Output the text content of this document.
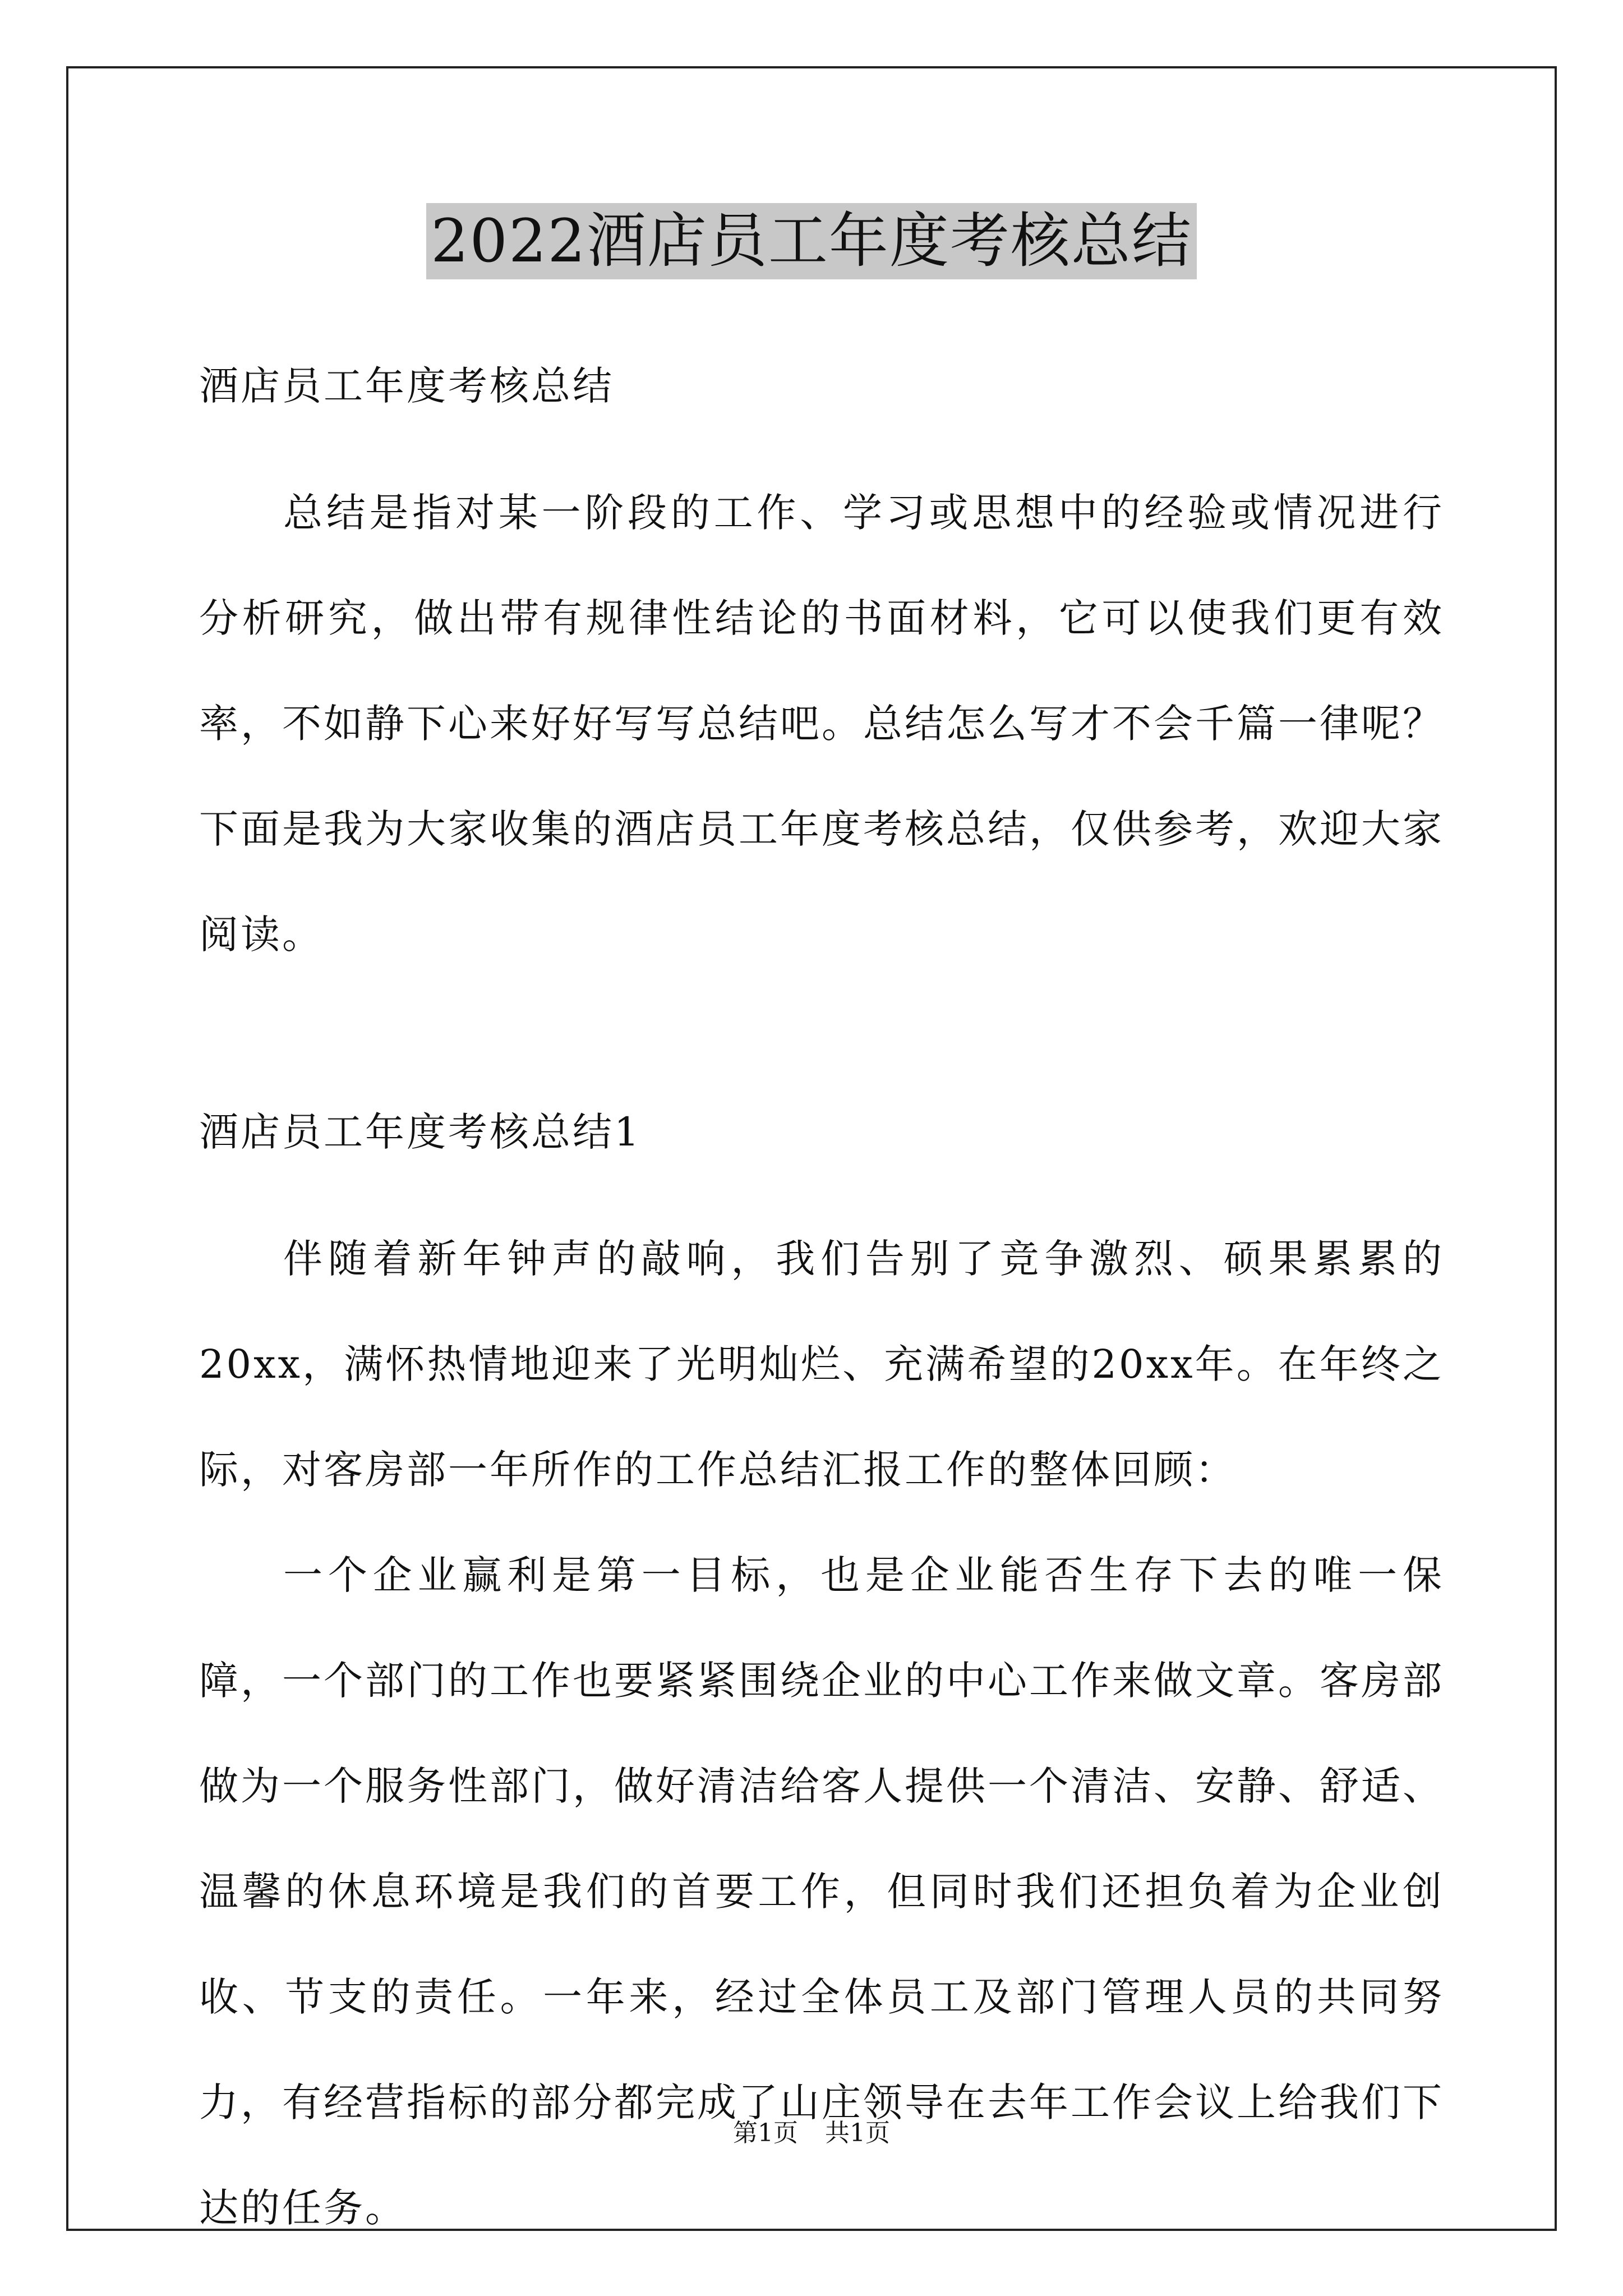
2022酒店员工年度考核总结

酒店员工年度考核总结

总结是指对某一阶段的工作、学习或思想中的经验或情况进行分析研究，做出带有规律性结论的书面材料，它可以使我们更有效率，不如静下心来好好写写总结吧。总结怎么写才不会千篇一律呢？下面是我为大家收集的酒店员工年度考核总结，仅供参考，欢迎大家阅读。

酒店员工年度考核总结1

伴随着新年钟声的敲响，我们告别了竞争激烈、硕果累累的20xx，满怀热情地迎来了光明灿烂、充满希望的20xx年。在年终之际，对客房部一年所作的工作总结汇报工作的整体回顾：

一个企业赢利是第一目标，也是企业能否生存下去的唯一保障，一个部门的工作也要紧紧围绕企业的中心工作来做文章。客房部做为一个服务性部门，做好清洁给客人提供一个清洁、安静、舒适、温馨的休息环境是我们的首要工作，但同时我们还担负着为企业创收、节支的责任。一年来，经过全体员工及部门管理人员的共同努力，有经营指标的部分都完成了山庄领导在去年工作会议上给我们下达的任务。

第1页 共1页
